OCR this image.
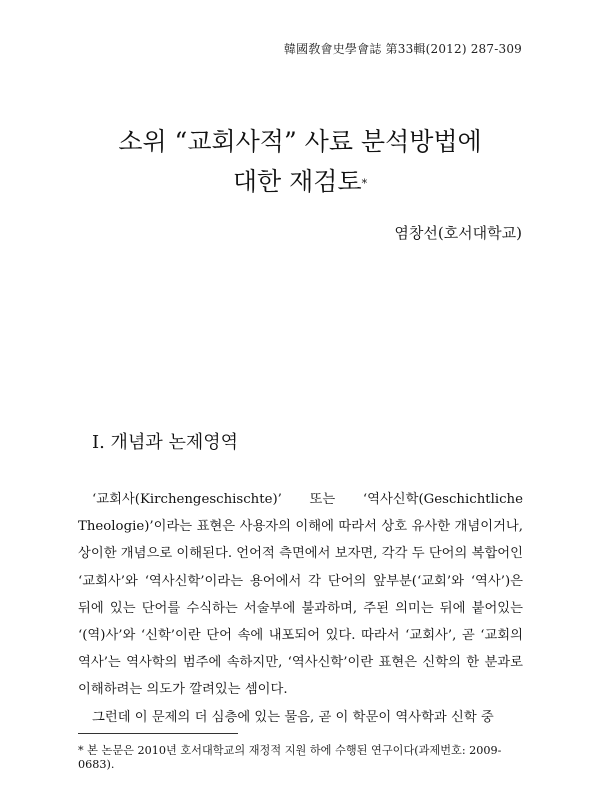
韓國敎會史學會誌 第33輯(2012) 287-309
소위 “교회사적” 사료 분석방법에
대한 재검토*
염창선(호서대학교)
Ⅰ. 개념과 논제영역

‘교회사(Kirchengeschischte)’ 또는 ‘역사신학(Geschichtliche Theologie)’이라는 표현은 사용자의 이해에 따라서 상호 유사한 개념이거나, 상이한 개념으로 이해된다. 언어적 측면에서 보자면, 각각 두 단어의 복합어인 ‘교회사’와 ‘역사신학’이라는 용어에서 각 단어의 앞부분(‘교회’와 ‘역사’)은 뒤에 있는 단어를 수식하는 서술부에 불과하며, 주된 의미는 뒤에 붙어있는 ‘(역)사’와 ‘신학’이란 단어 속에 내포되어 있다. 따라서 ‘교회사’, 곧 ‘교회의 역사’는 역사학의 범주에 속하지만, ‘역사신학’이란 표현은 신학의 한 분과로 이해하려는 의도가 깔려있는 셈이다.

그런데 이 문제의 더 심층에 있는 물음, 곧 이 학문이 역사학과 신학 중

* 본 논문은 2010년 호서대학교의 재정적 지원 하에 수행된 연구이다(과제번호: 2009-0683).
